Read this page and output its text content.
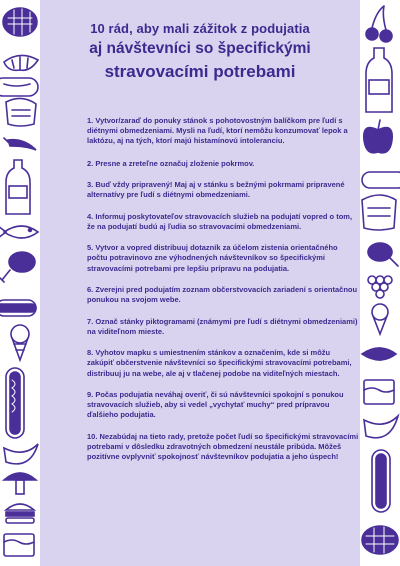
10 rád, aby mali zážitok z podujatia
aj návštevníci so špecifickými
stravovacími potrebami
1. Vytvor/zaraď do ponuky stánok s pohotovostným balíčkom pre ľudí s diétnymi obmedzeniami. Mysli na ľudí, ktorí nemôžu konzumovať lepok a laktózu, aj na tých, ktorí majú histamínovú intoleranciu.
2. Presne a zreteľne označuj zloženie pokrmov.
3. Buď vždy pripravený! Maj aj v stánku s bežnými pokrmami pripravené alternatívy pre ľudí s diétnymi obmedzeniami.
4. Informuj poskytovateľov stravovacích služieb na podujatí vopred o tom, že na podujatí budú aj ľudia so stravovacími obmedzeniami.
5. Vytvor a vopred distribuuj dotazník za účelom zistenia orientačného počtu potravinovo zne výhodnených návštevníkov so špecifickými stravovacími potrebami pre lepšiu prípravu na podujatia.
6. Zverejni pred podujatím zoznam občerstvovacích zariadení s orientačnou ponukou na svojom webe.
7. Označ stánky piktogramami (známymi pre ľudí s diétnymi obmedzeniami) na viditeľnom mieste.
8. Vyhotov mapku s umiestnením stánkov a označením, kde si môžu zakúpiť občerstvenie návštevníci so špecifickými stravovacími potrebami, distribuuj ju na webe, ale aj v tlačenej podobe na viditeľných miestach.
9. Počas podujatia neváhaj overiť, či sú návštevníci spokojní s ponukou stravovacích služieb, aby si vedel „vychytať muchy“ pred prípravou ďalšieho podujatia.
10. Nezabúdaj na tieto rady, pretože počet ľudí so špecifickými stravovacími potrebami v dôsledku zdravotných obmedzení neustále pribúda. Môžeš pozitívne ovplyvniť spokojnosť návštevníkov podujatia a jeho úspech!
